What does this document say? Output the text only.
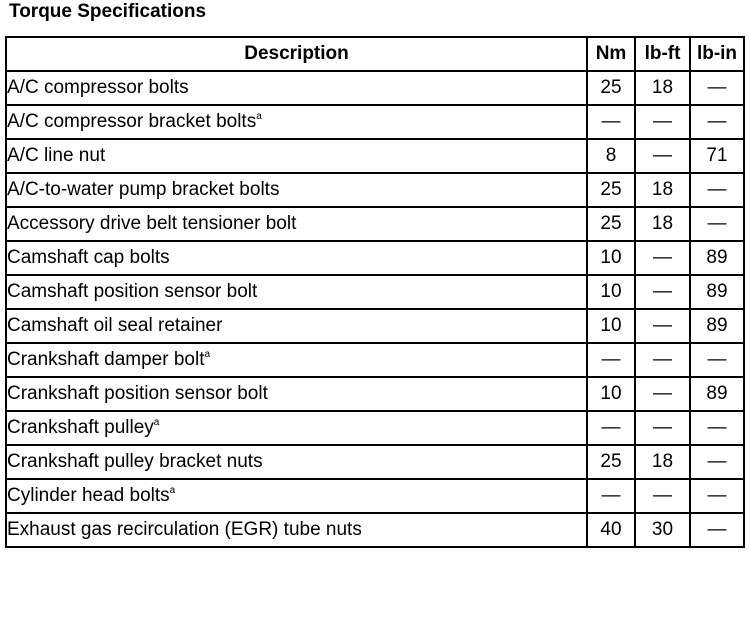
Torque Specifications
Description	Nm	lb-ft	lb-in
A/C compressor bolts	25	18	—
A/C compressor bracket bolts$^a$	—	—	—
A/C line nut	8	—	71
A/C-to-water pump bracket bolts	25	18	—
Accessory drive belt tensioner bolt	25	18	—
Camshaft cap bolts	10	—	89
Camshaft position sensor bolt	10	—	89
Camshaft oil seal retainer	10	—	89
Crankshaft damper bolt$^a$	—	—	—
Crankshaft position sensor bolt	10	—	89
Crankshaft pulley$^a$	—	—	—
Crankshaft pulley bracket nuts	25	18	—
Cylinder head bolts$^a$	—	—	—
Exhaust gas recirculation (EGR) tube nuts	40	30	—
